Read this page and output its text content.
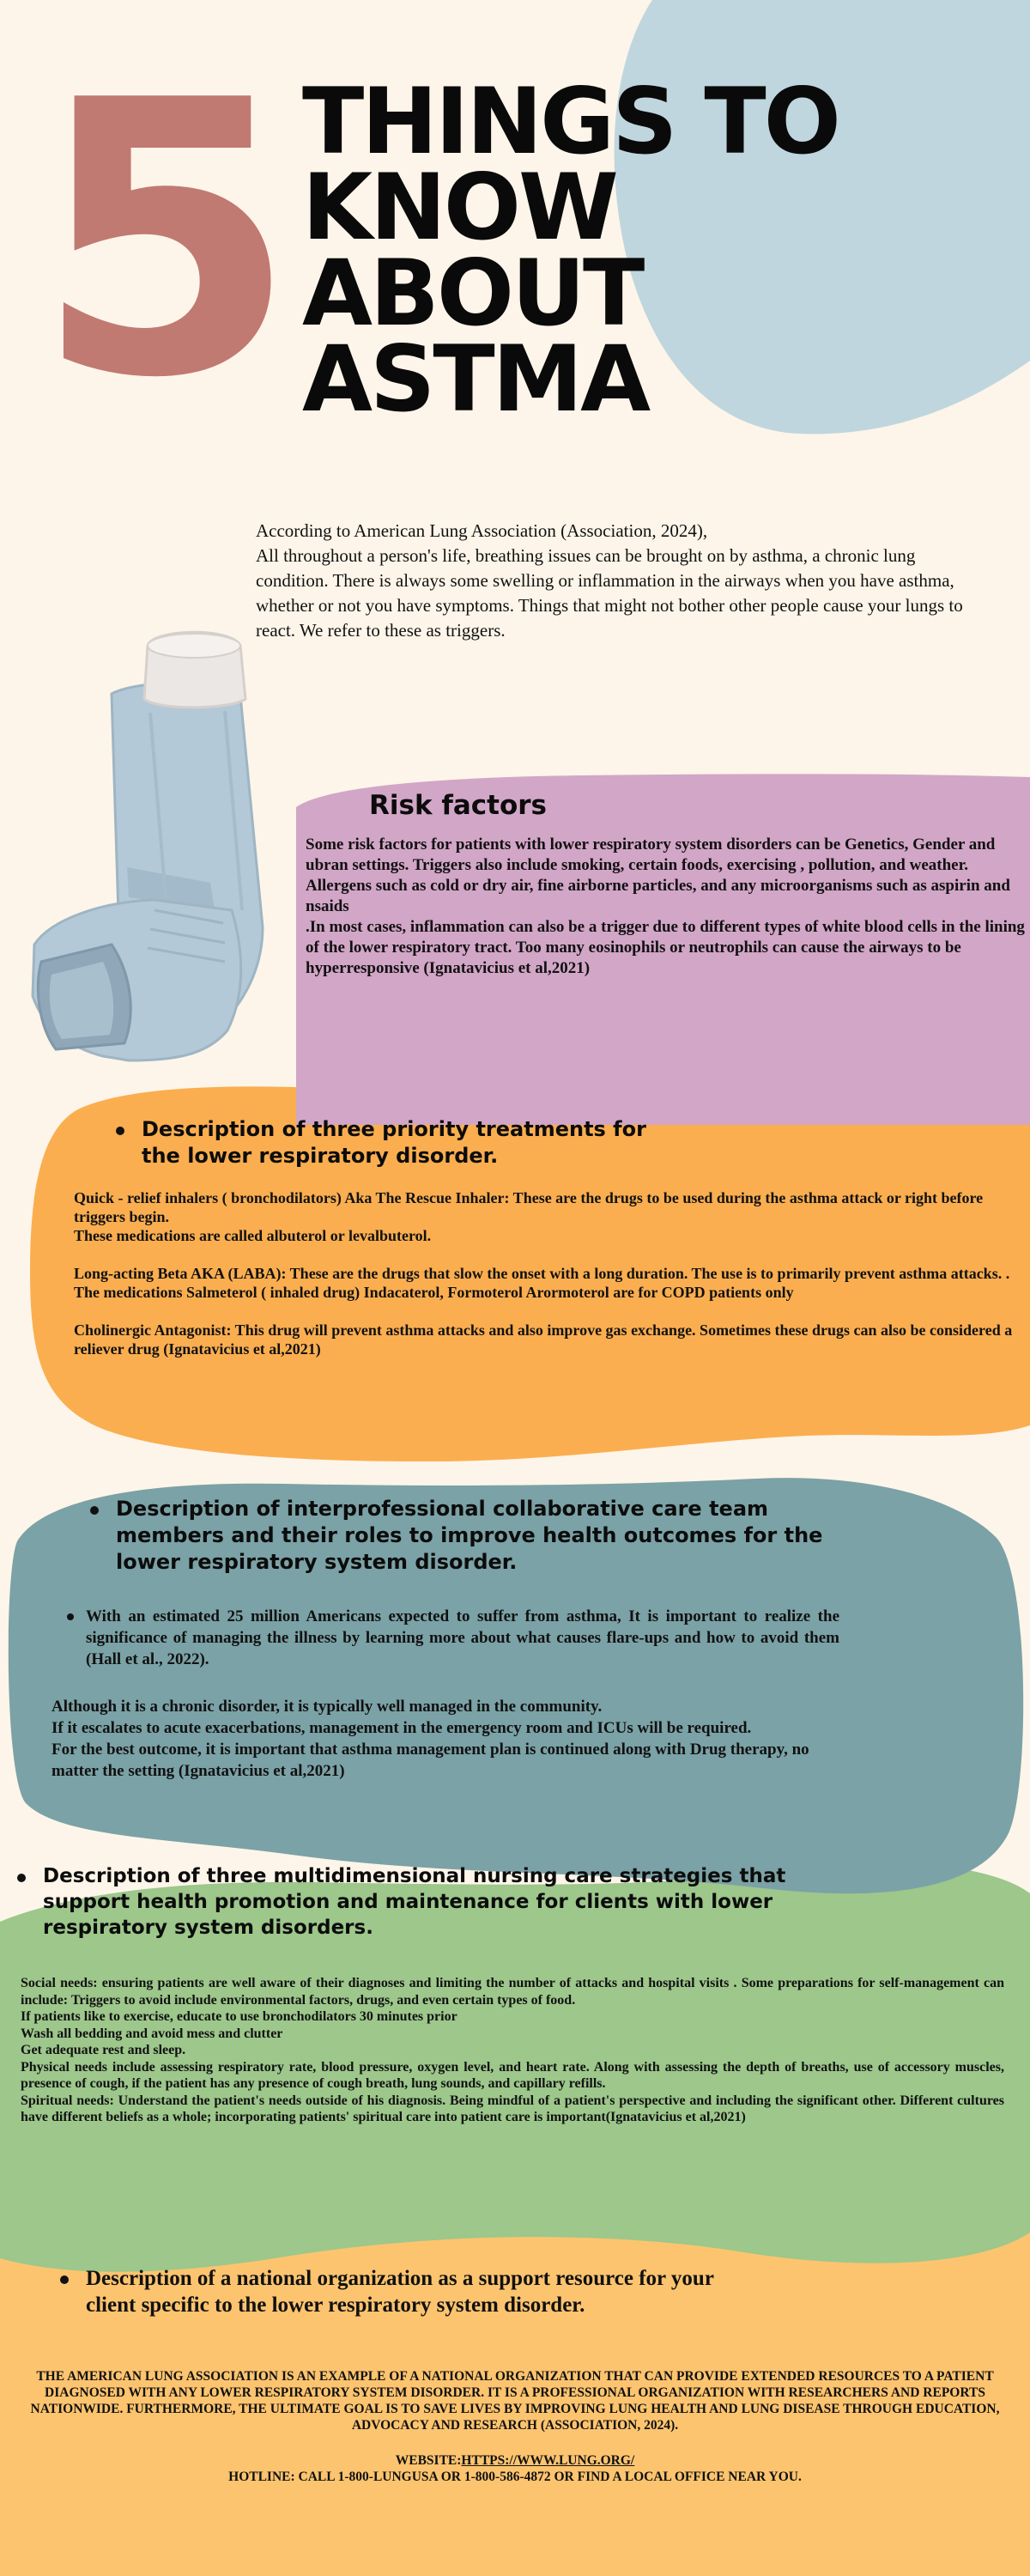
5 THINGS TO
KNOW
ABOUT
ASTMA

According to American Lung Association (Association, 2024),

All throughout a person's life, breathing issues can be brought on by asthma, a chronic lung condition. There is always some swelling or inflammation in the airways when you have asthma, whether or not you have symptoms. Things that might not bother other people cause your lungs to react. We refer to these as triggers.

Risk factors

Some risk factors for patients with lower respiratory system disorders can be Genetics, Gender and ubran settings. Triggers also include smoking, certain foods, exercising , pollution, and weather. Allergens such as cold or dry air, fine airborne particles, and any microorganisms such as aspirin and nsaids

.In most cases, inflammation can also be a trigger due to different types of white blood cells in the lining of the lower respiratory tract. Too many eosinophils or neutrophils can cause the airways to be hyperresponsive (Ignatavicius et al,2021)

Description of three priority treatments for the lower respiratory disorder.

Quick - relief inhalers ( bronchodilators) Aka The Rescue Inhaler: These are the drugs to be used during the asthma attack or right before triggers begin.
These medications are called albuterol or levalbuterol.

Long-acting Beta AKA (LABA): These are the drugs that slow the onset with a long duration. The use is to primarily prevent asthma attacks. .
The medications Salmeterol ( inhaled drug) Indacaterol, Formoterol Arormoterol are for COPD patients only

Cholinergic Antagonist: This drug will prevent asthma attacks and also improve gas exchange. Sometimes these drugs can also be considered a reliever drug (Ignatavicius et al,2021)

Description of interprofessional collaborative care team members and their roles to improve health outcomes for the lower respiratory system disorder.
With an estimated 25 million Americans expected to suffer from asthma, It is important to realize the significance of managing the illness by learning more about what causes flare-ups and how to avoid them (Hall et al., 2022).

Although it is a chronic disorder, it is typically well managed in the community.

If it escalates to acute exacerbations, management in the emergency room and ICUs will be required.

For the best outcome, it is important that asthma management plan is continued along with Drug therapy, no matter the setting (Ignatavicius et al,2021)

Description of three multidimensional nursing care strategies that support health promotion and maintenance for clients with lower respiratory system disorders.

Social needs: ensuring patients are well aware of their diagnoses and limiting the number of attacks and hospital visits . Some preparations for self-management can include: Triggers to avoid include environmental factors, drugs, and even certain types of food.

If patients like to exercise, educate to use bronchodilators 30 minutes prior

Wash all bedding and avoid mess and clutter

Get adequate rest and sleep.

Physical needs include assessing respiratory rate, blood pressure, oxygen level, and heart rate. Along with assessing the depth of breaths, use of accessory muscles, presence of cough, if the patient has any presence of cough breath, lung sounds, and capillary refills.

Spiritual needs: Understand the patient's needs outside of his diagnosis. Being mindful of a patient's perspective and including the significant other. Different cultures have different beliefs as a whole; incorporating patients' spiritual care into patient care is important(Ignatavicius et al,2021)

Description of a national organization as a support resource for your client specific to the lower respiratory system disorder.

THE AMERICAN LUNG ASSOCIATION IS AN EXAMPLE OF A NATIONAL ORGANIZATION THAT CAN PROVIDE EXTENDED RESOURCES TO A PATIENT DIAGNOSED WITH ANY LOWER RESPIRATORY SYSTEM DISORDER. IT IS A PROFESSIONAL ORGANIZATION WITH RESEARCHERS AND REPORTS NATIONWIDE. FURTHERMORE, THE ULTIMATE GOAL IS TO SAVE LIVES BY IMPROVING LUNG HEALTH AND LUNG DISEASE THROUGH EDUCATION, ADVOCACY AND RESEARCH (ASSOCIATION, 2024).

WEBSITE:HTTPS://WWW.LUNG.ORG/

HOTLINE: CALL 1-800-LUNGUSA OR 1-800-586-4872 OR FIND A LOCAL OFFICE NEAR YOU.
